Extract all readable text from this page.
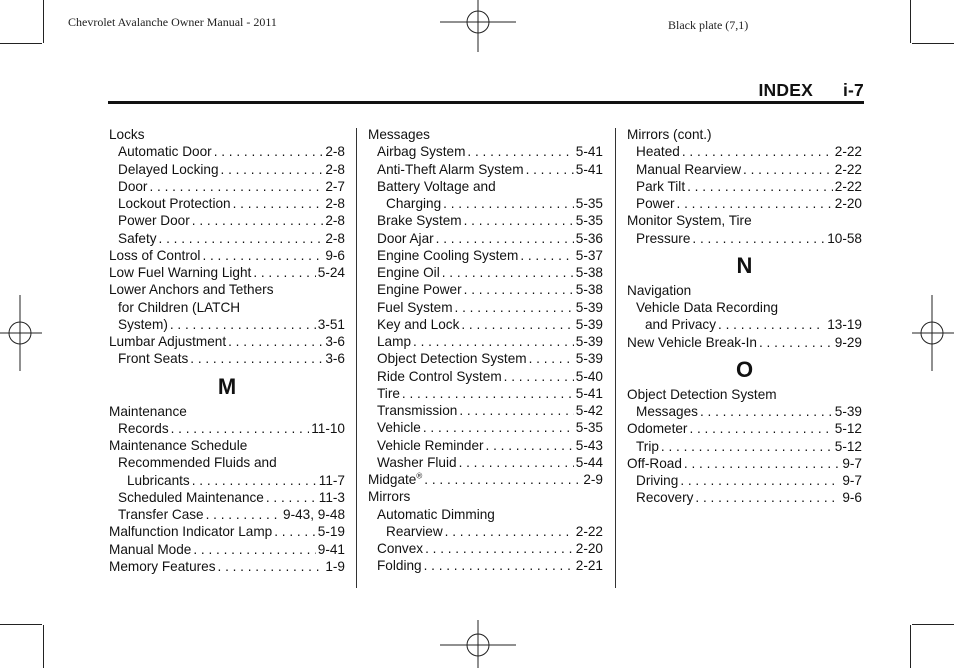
Chevrolet Avalanche Owner Manual - 2011	Black plate (7,1)
INDEX i-7
Locks
Automatic Door . . .	2-8
Delayed Locking . . .	2-8
Door . . .	2-7
Lockout Protection . . .	2-8
Power Door . . .	2-8
Safety . . .	2-8
Loss of Control . . .	9-6
Low Fuel Warning Light . . .	5-24
Lower Anchors and Tethers
for Children (LATCH
System) . . .	3-51
Lumbar Adjustment . . .	3-6
Front Seats . . .	3-6
M
Maintenance
Records . . .	11-10
Maintenance Schedule
Recommended Fluids and
Lubricants . . .	11-7
Scheduled Maintenance . . .	11-3
Transfer Case . . .	9-43, 9-48
Malfunction Indicator Lamp . . .	5-19
Manual Mode . . .	9-41
Memory Features . . .	1-9
Messages
Airbag System . . .	5-41
Anti-Theft Alarm System . . .	5-41
Battery Voltage and
Charging . . .	5-35
Brake System . . .	5-35
Door Ajar . . .	5-36
Engine Cooling System . . .	5-37
Engine Oil . . .	5-38
Engine Power . . .	5-38
Fuel System . . .	5-39
Key and Lock . . .	5-39
Lamp . . .	5-39
Object Detection System . . .	5-39
Ride Control System . . .	5-40
Tire . . .	5-41
Transmission . . .	5-42
Vehicle . . .	5-35
Vehicle Reminder . . .	5-43
Washer Fluid . . .	5-44
Midgate® . . .	2-9
Mirrors
Automatic Dimming
Rearview . . .	2-22
Convex . . .	2-20
Folding . . .	2-21
Mirrors (cont.)
Heated . . .	2-22
Manual Rearview . . .	2-22
Park Tilt . . .	2-22
Power . . .	2-20
Monitor System, Tire
Pressure . . .	10-58
N
Navigation
Vehicle Data Recording
and Privacy . . .	13-19
New Vehicle Break-In . . .	9-29
O
Object Detection System
Messages . . .	5-39
Odometer . . .	5-12
Trip . . .	5-12
Off-Road . . .	9-7
Driving . . .	9-7
Recovery . . .	9-6
